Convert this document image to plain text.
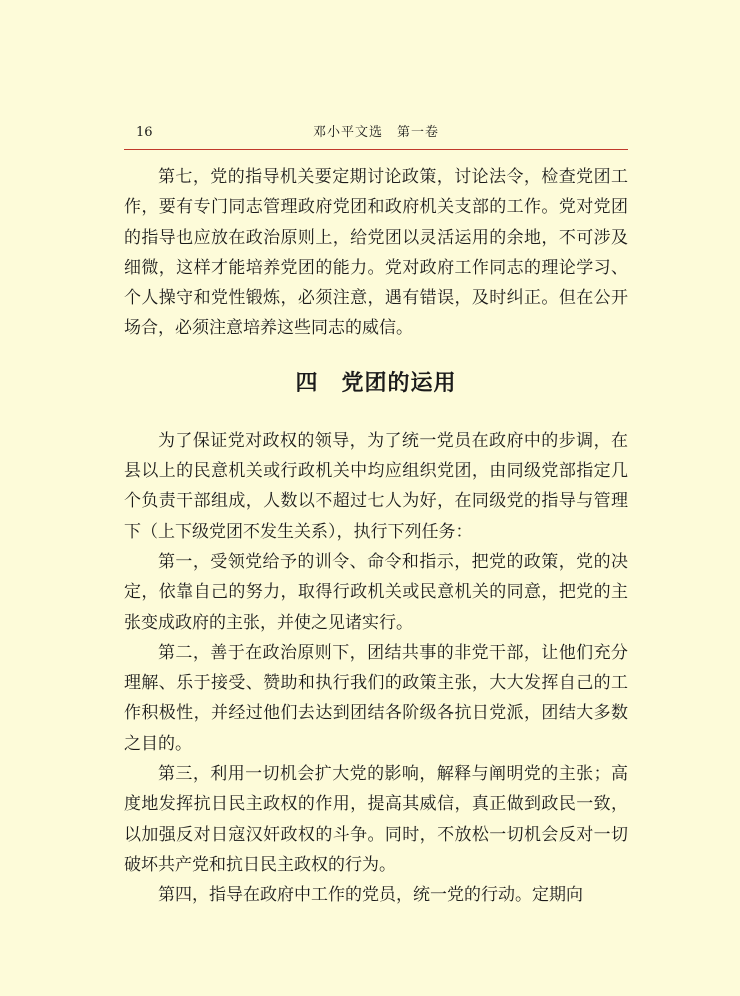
16	邓小平文选　第一卷

第七，党的指导机关要定期讨论政策，讨论法令，检查党团工作，要有专门同志管理政府党团和政府机关支部的工作。党对党团的指导也应放在政治原则上，给党团以灵活运用的余地，不可涉及细微，这样才能培养党团的能力。党对政府工作同志的理论学习、个人操守和党性锻炼，必须注意，遇有错误，及时纠正。但在公开场合，必须注意培养这些同志的威信。

四　党团的运用

为了保证党对政权的领导，为了统一党员在政府中的步调，在县以上的民意机关或行政机关中均应组织党团，由同级党部指定几个负责干部组成，人数以不超过七人为好，在同级党的指导与管理下（上下级党团不发生关系），执行下列任务：

第一，受领党给予的训令、命令和指示，把党的政策，党的决定，依靠自己的努力，取得行政机关或民意机关的同意，把党的主张变成政府的主张，并使之见诸实行。

第二，善于在政治原则下，团结共事的非党干部，让他们充分理解、乐于接受、赞助和执行我们的政策主张，大大发挥自己的工作积极性，并经过他们去达到团结各阶级各抗日党派，团结大多数之目的。

第三，利用一切机会扩大党的影响，解释与阐明党的主张；高度地发挥抗日民主政权的作用，提高其威信，真正做到政民一致，以加强反对日寇汉奸政权的斗争。同时，不放松一切机会反对一切破坏共产党和抗日民主政权的行为。

第四，指导在政府中工作的党员，统一党的行动。定期向
